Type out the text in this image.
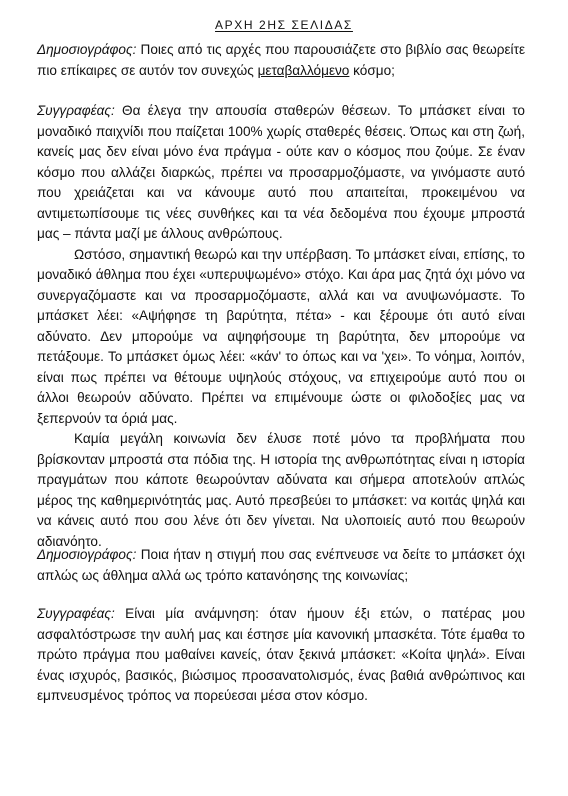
ΑΡΧΗ 2ΗΣ ΣΕΛΙΔΑΣ

Δημοσιογράφος: Ποιες από τις αρχές που παρουσιάζετε στο βιβλίο σας θεωρείτε πιο επίκαιρες σε αυτόν τον συνεχώς μεταβαλλόμενο κόσμο;

Συγγραφέας: Θα έλεγα την απουσία σταθερών θέσεων. Το μπάσκετ είναι το μοναδικό παιχνίδι που παίζεται 100% χωρίς σταθερές θέσεις. Όπως και στη ζωή, κανείς μας δεν είναι μόνο ένα πράγμα - ούτε καν ο κόσμος που ζούμε. Σε έναν κόσμο που αλλάζει διαρκώς, πρέπει να προσαρμοζόμαστε, να γινόμαστε αυτό που χρειάζεται και να κάνουμε αυτό που απαιτείται, προκειμένου να αντιμετωπίσουμε τις νέες συνθήκες και τα νέα δεδομένα που έχουμε μπροστά μας – πάντα μαζί με άλλους ανθρώπους.

Ωστόσο, σημαντική θεωρώ και την υπέρβαση. Το μπάσκετ είναι, επίσης, το μοναδικό άθλημα που έχει «υπερυψωμένο» στόχο. Και άρα μας ζητά όχι μόνο να συνεργαζόμαστε και να προσαρμοζόμαστε, αλλά και να ανυψωνόμαστε. Το μπάσκετ λέει: «Αψήφησε τη βαρύτητα, πέτα» - και ξέρουμε ότι αυτό είναι αδύνατο. Δεν μπορούμε να αψηφήσουμε τη βαρύτητα, δεν μπορούμε να πετάξουμε. Το μπάσκετ όμως λέει: «κάν' το όπως και να 'χει». Το νόημα, λοιπόν, είναι πως πρέπει να θέτουμε υψηλούς στόχους, να επιχειρούμε αυτό που οι άλλοι θεωρούν αδύνατο. Πρέπει να επιμένουμε ώστε οι φιλοδοξίες μας να ξεπερνούν τα όριά μας.

Καμία μεγάλη κοινωνία δεν έλυσε ποτέ μόνο τα προβλήματα που βρίσκονταν μπροστά στα πόδια της. Η ιστορία της ανθρωπότητας είναι η ιστορία πραγμάτων που κάποτε θεωρούνταν αδύνατα και σήμερα αποτελούν απλώς μέρος της καθημερινότητάς μας. Αυτό πρεσβεύει το μπάσκετ: να κοιτάς ψηλά και να κάνεις αυτό που σου λένε ότι δεν γίνεται. Να υλοποιείς αυτό που θεωρούν αδιανόητο.

Δημοσιογράφος: Ποια ήταν η στιγμή που σας ενέπνευσε να δείτε το μπάσκετ όχι απλώς ως άθλημα αλλά ως τρόπο κατανόησης της κοινωνίας;

Συγγραφέας: Είναι μία ανάμνηση: όταν ήμουν έξι ετών, ο πατέρας μου ασφαλτόστρωσε την αυλή μας και έστησε μία κανονική μπασκέτα. Τότε έμαθα το πρώτο πράγμα που μαθαίνει κανείς, όταν ξεκινά μπάσκετ: «Κοίτα ψηλά». Είναι ένας ισχυρός, βασικός, βιώσιμος προσανατολισμός, ένας βαθιά ανθρώπινος και εμπνευσμένος τρόπος να πορεύεσαι μέσα στον κόσμο.
